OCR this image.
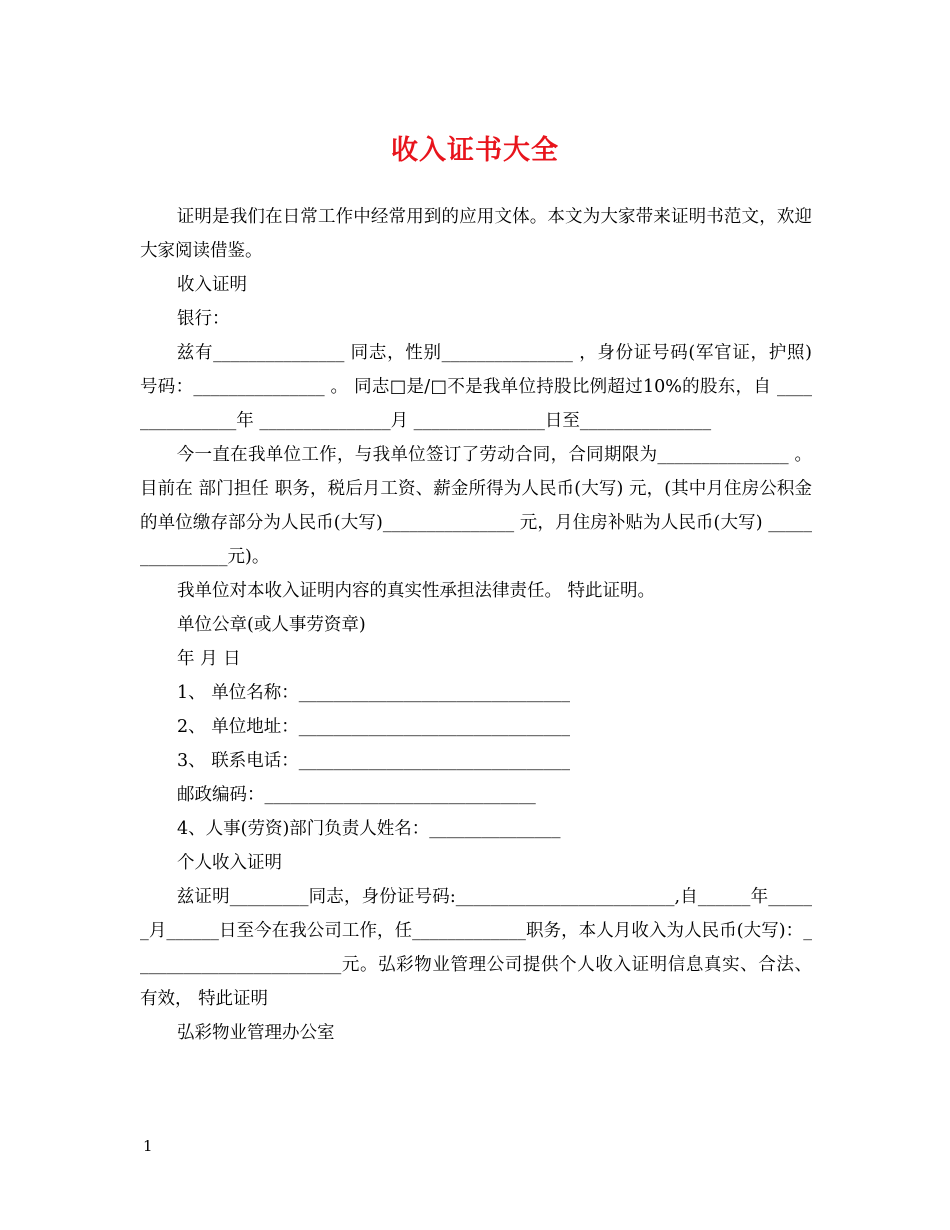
收入证书大全

证明是我们在日常工作中经常用到的应用文体。本文为大家带来证明书范文，欢迎大家阅读借鉴。

收入证明

银行：

兹有_______________ 同志，性别_______________ ，身份证号码(军官证，护照)号码：_______________ 。 同志□是/□不是我单位持股比例超过10%的股东，自 _______________年 _______________月 _______________日至_______________

今一直在我单位工作，与我单位签订了劳动合同，合同期限为_______________ 。目前在 部门担任 职务，税后月工资、薪金所得为人民币(大写) 元，(其中月住房公积金的单位缴存部分为人民币(大写)_______________ 元，月住房补贴为人民币(大写) _______________元)。

我单位对本收入证明内容的真实性承担法律责任。 特此证明。

单位公章(或人事劳资章)

年 月 日

1、 单位名称：_______________________________

2、 单位地址：_______________________________

3、 联系电话：_______________________________

邮政编码：_______________________________

4、人事(劳资)部门负责人姓名：_______________

个人收入证明

兹证明_________同志，身份证号码:_________________________,自______年______月______日至今在我公司工作，任_____________职务，本人月收入为人民币(大写)：________________________元。弘彩物业管理公司提供个人收入证明信息真实、合法、有效， 特此证明

弘彩物业管理办公室

1
